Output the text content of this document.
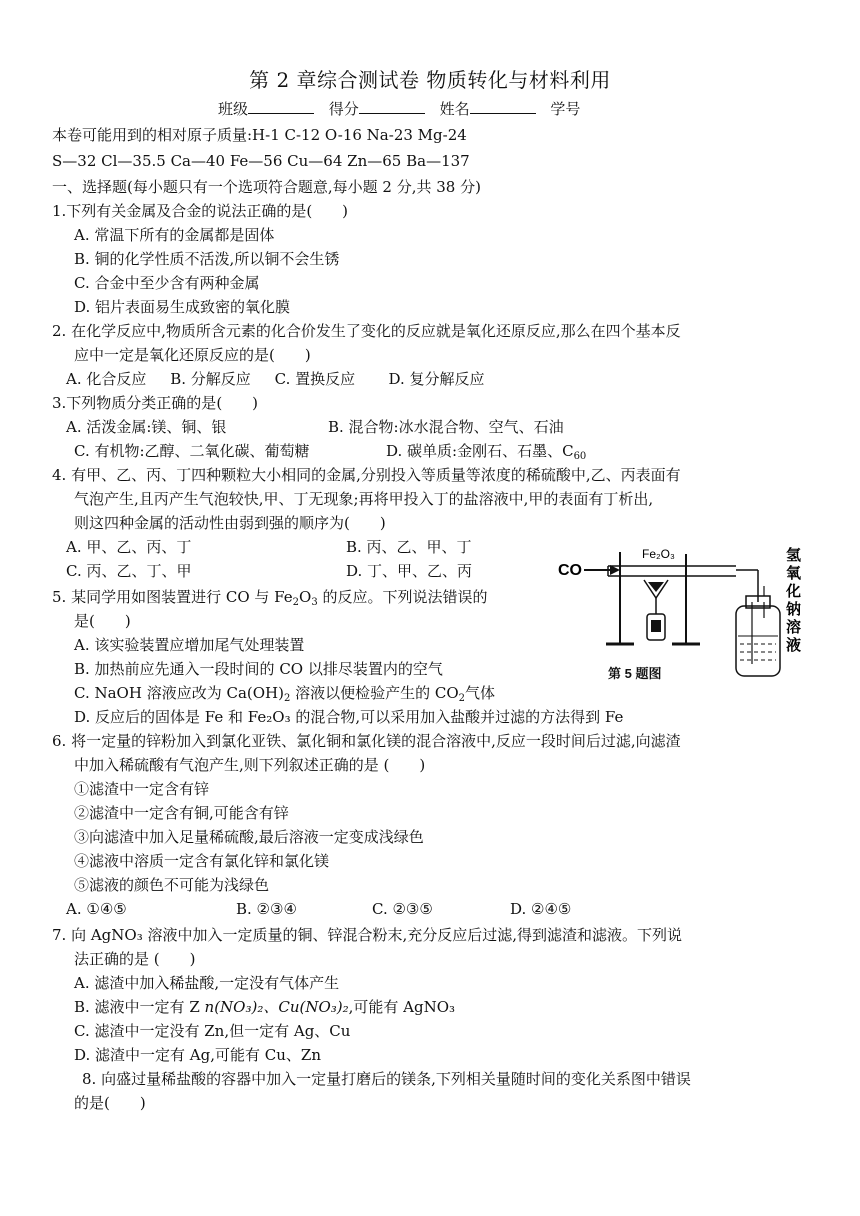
第 2 章综合测试卷 物质转化与材料利用
班级	得分	姓名	学号
本卷可能用到的相对原子质量:H-1 C-12 O-16 Na-23 Mg-24
S—32 Cl—35.5 Ca—40 Fe—56 Cu—64 Zn—65 Ba—137
一、选择题(每小题只有一个选项符合题意,每小题 2 分,共 38 分)
1.下列有关金属及合金的说法正确的是(　　)
A. 常温下所有的金属都是固体
B. 铜的化学性质不活泼,所以铜不会生锈
C. 合金中至少含有两种金属
D. 铝片表面易生成致密的氧化膜
2. 在化学反应中,物质所含元素的化合价发生了变化的反应就是氧化还原反应,那么在四个基本反
应中一定是氧化还原反应的是(　　)
A. 化合反应 B. 分解反应 C. 置换反应 D. 复分解反应
3.下列物质分类正确的是(　　)
A. 活泼金属:镁、铜、银	B. 混合物:冰水混合物、空气、石油
C. 有机物:乙醇、二氧化碳、葡萄糖	D. 碳单质:金刚石、石墨、$C_{60}$
4. 有甲、乙、丙、丁四种颗粒大小相同的金属,分别投入等质量等浓度的稀硫酸中,乙、丙表面有
气泡产生,且丙产生气泡较快,甲、丁无现象;再将甲投入丁的盐溶液中,甲的表面有丁析出,
则这四种金属的活动性由弱到强的顺序为(　　)
A. 甲、乙、丙、丁	B. 丙、乙、甲、丁
C. 丙、乙、丁、甲	D. 丁、甲、乙、丙
5. 某同学用如图装置进行 CO 与 $Fe_2O_3$ 的反应。下列说法错误的
是(　　)
A. 该实验装置应增加尾气处理装置
B. 加热前应先通入一段时间的 CO 以排尽装置内的空气
C. NaOH 溶液应改为 $Ca(OH)_2$ 溶液以便检验产生的 $CO_2$气体
D. 反应后的固体是 Fe 和 Fe₂O₃ 的混合物,可以采用加入盐酸并过滤的方法得到 Fe
CO
Fe₂O₃	氢
氧
化
钠
溶
液
第 5 题图
6. 将一定量的锌粉加入到氯化亚铁、氯化铜和氯化镁的混合溶液中,反应一段时间后过滤,向滤渣
中加入稀硫酸有气泡产生,则下列叙述正确的是 (　　)
①滤渣中一定含有锌
②滤渣中一定含有铜,可能含有锌
③向滤渣中加入足量稀硫酸,最后溶液一定变成浅绿色
④滤液中溶质一定含有氯化锌和氯化镁
⑤滤液的颜色不可能为浅绿色
A. ①④⑤	B. ②③④	C. ②③⑤	D. ②④⑤
7. 向 AgNO₃ 溶液中加入一定质量的铜、锌混合粉末,充分反应后过滤,得到滤渣和滤液。下列说
法正确的是 (　　)
A. 滤渣中加入稀盐酸,一定没有气体产生
B. 滤液中一定有 Z n(NO₃)₂、Cu(NO₃)₂,可能有 AgNO₃
C. 滤渣中一定没有 Zn,但一定有 Ag、Cu
D. 滤渣中一定有 Ag,可能有 Cu、Zn
8. 向盛过量稀盐酸的容器中加入一定量打磨后的镁条,下列相关量随时间的变化关系图中错误
的是(　　)
